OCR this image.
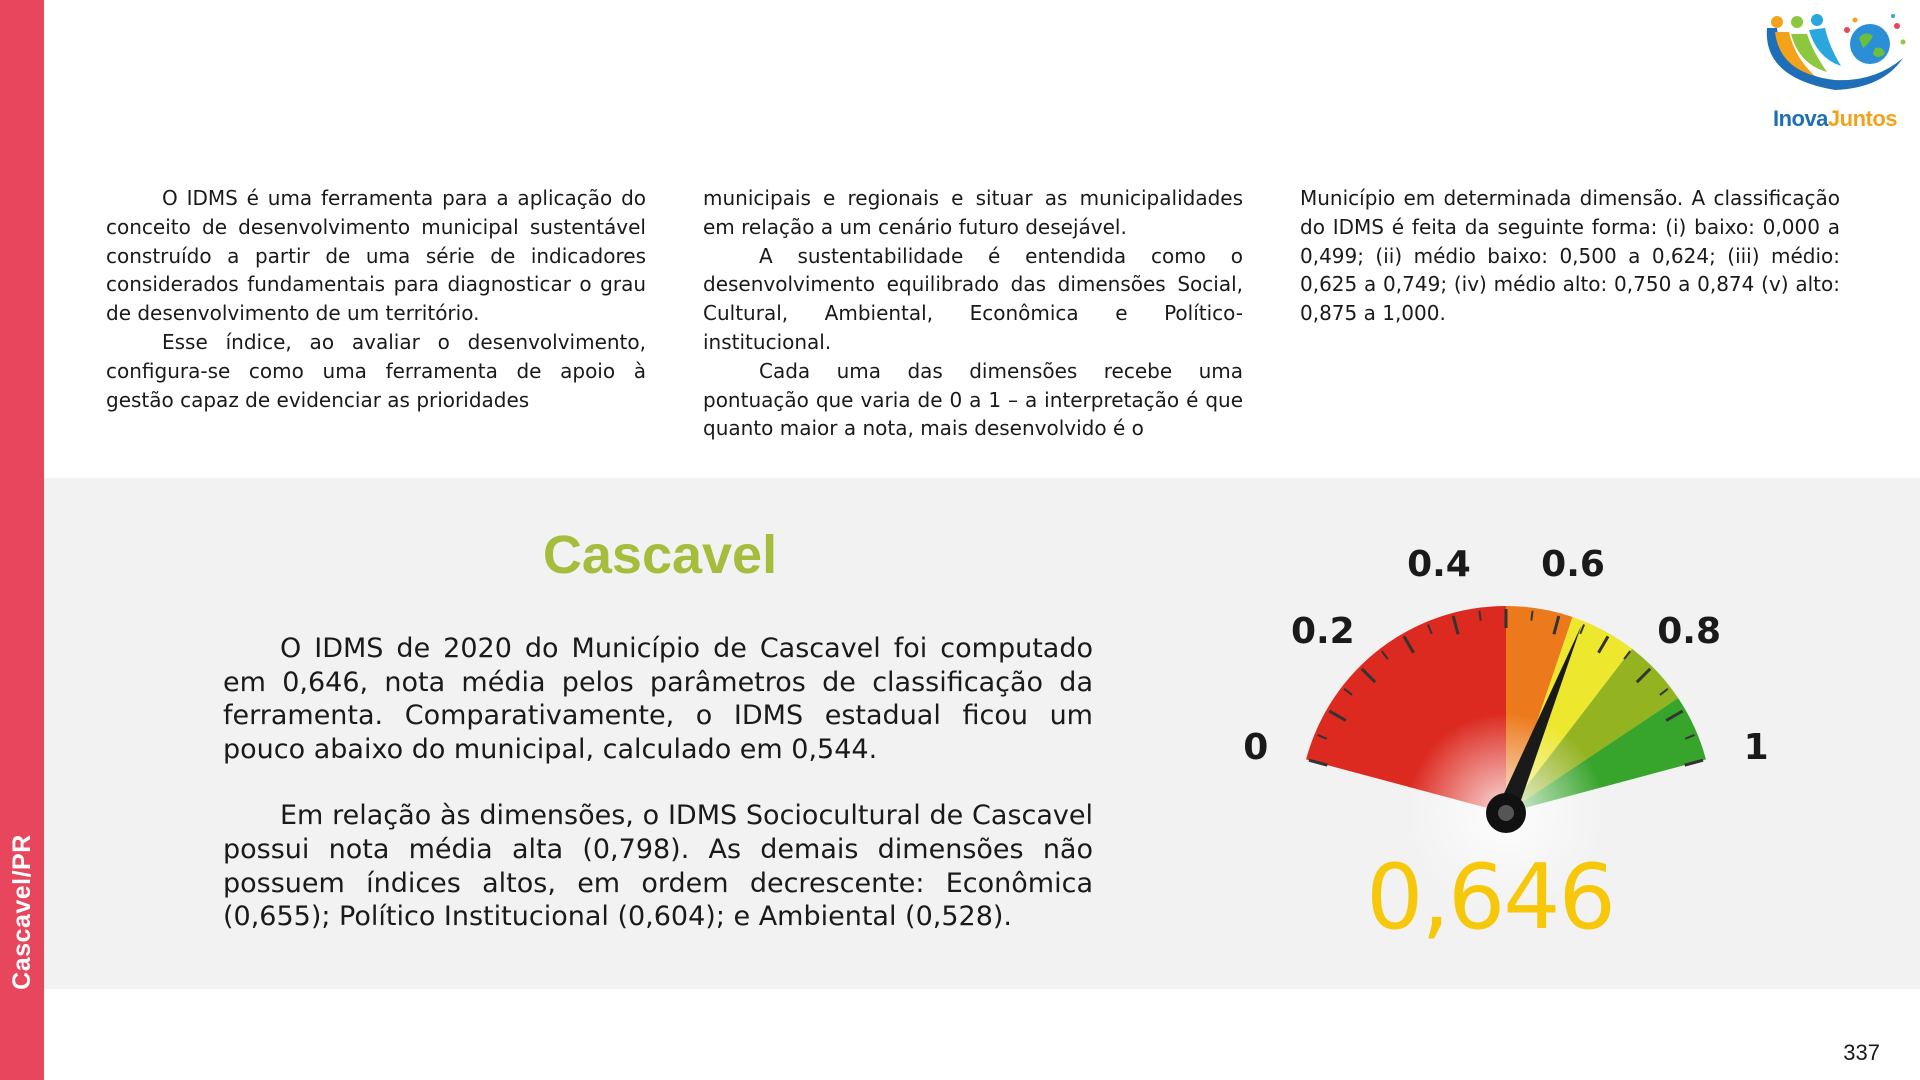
Cascavel/PR
InovaJuntos

O IDMS é uma ferramenta para a aplicação do conceito de desenvolvimento municipal sustentável construído a partir de uma série de indicadores considerados fundamentais para diagnosticar o grau de desenvolvimento de um território.

Esse índice, ao avaliar o desenvolvimento, configura-se como uma ferramenta de apoio à gestão capaz de evidenciar as prioridades

municipais e regionais e situar as municipalidades em relação a um cenário futuro desejável.

A sustentabilidade é entendida como o desenvolvimento equilibrado das dimensões Social, Cultural, Ambiental, Econômica e Político-institucional.

Cada uma das dimensões recebe uma pontuação que varia de 0 a 1 – a interpretação é que quanto maior a nota, mais desenvolvido é o

Município em determinada dimensão. A classificação do IDMS é feita da seguinte forma: (i) baixo: 0,000 a 0,499; (ii) médio baixo: 0,500 a 0,624; (iii) médio: 0,625 a 0,749; (iv) médio alto: 0,750 a 0,874 (v) alto: 0,875 a 1,000.

Cascavel

O IDMS de 2020 do Município de Cascavel foi computado em 0,646, nota média pelos parâmetros de classificação da ferramenta. Comparativamente, o IDMS estadual ficou um pouco abaixo do municipal, calculado em 0,544.

Em relação às dimensões, o IDMS Sociocultural de Cascavel possui nota média alta (0,798). As demais dimensões não possuem índices altos, em ordem decrescente: Econômica (0,655); Político Institucional (0,604); e Ambiental (0,528).

0
0.2
0.4 0.6
0.8
1
0,646
337
